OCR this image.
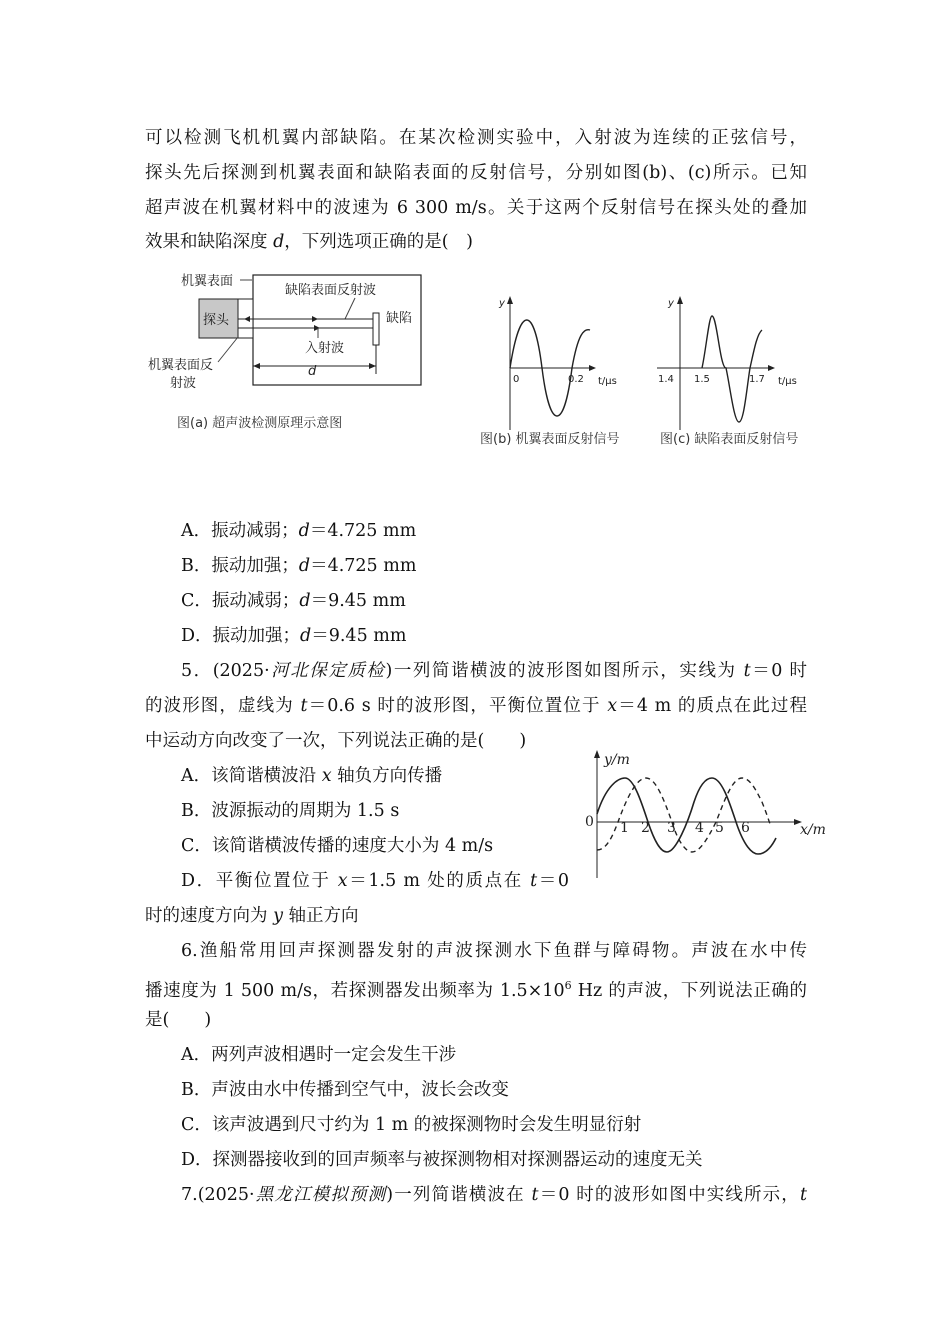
可以检测飞机机翼内部缺陷。在某次检测实验中，入射波为连续的正弦信号，
探头先后探测到机翼表面和缺陷表面的反射信号，分别如图(b)、(c)所示。已知
超声波在机翼材料中的波速为 6 300 m/s。关于这两个反射信号在探头处的叠加
效果和缺陷深度 d，下列选项正确的是(　)
机翼表面
探头
缺陷表面反射波
缺陷
入射波
机翼表面反
射波
d
图(a) 超声波检测原理示意图
y
t/μs
0	0.2
图(b) 机翼表面反射信号
y
t/μs
1.4 1.5	1.7
图(c) 缺陷表面反射信号
A．振动减弱；d＝4.725 mm
B．振动加强；d＝4.725 mm
C．振动减弱；d＝9.45 mm
D．振动加强；d＝9.45 mm
5．(2025·河北保定质检)一列简谐横波的波形图如图所示，实线为 t＝0 时
的波形图，虚线为 t＝0.6 s 时的波形图，平衡位置位于 x＝4 m 的质点在此过程
中运动方向改变了一次，下列说法正确的是(　　)
A．该简谐横波沿 x 轴负方向传播
B．波源振动的周期为 1.5 s
C．该简谐横波传播的速度大小为 4 m/s
D．平衡位置位于 x＝1.5 m 处的质点在 t＝0
时的速度方向为 y 轴正方向
y/m
x/m
0 1 2 3 4 5 6
6.渔船常用回声探测器发射的声波探测水下鱼群与障碍物。声波在水中传
播速度为 1 500 m/s，若探测器发出频率为 $1.5\times 10^6$ Hz 的声波，下列说法正确的
是(　　)
A．两列声波相遇时一定会发生干涉
B．声波由水中传播到空气中，波长会改变
C．该声波遇到尺寸约为 1 m 的被探测物时会发生明显衍射
D．探测器接收到的回声频率与被探测物相对探测器运动的速度无关
7.(2025·黑龙江模拟预测)一列简谐横波在 t＝0 时的波形如图中实线所示，t
